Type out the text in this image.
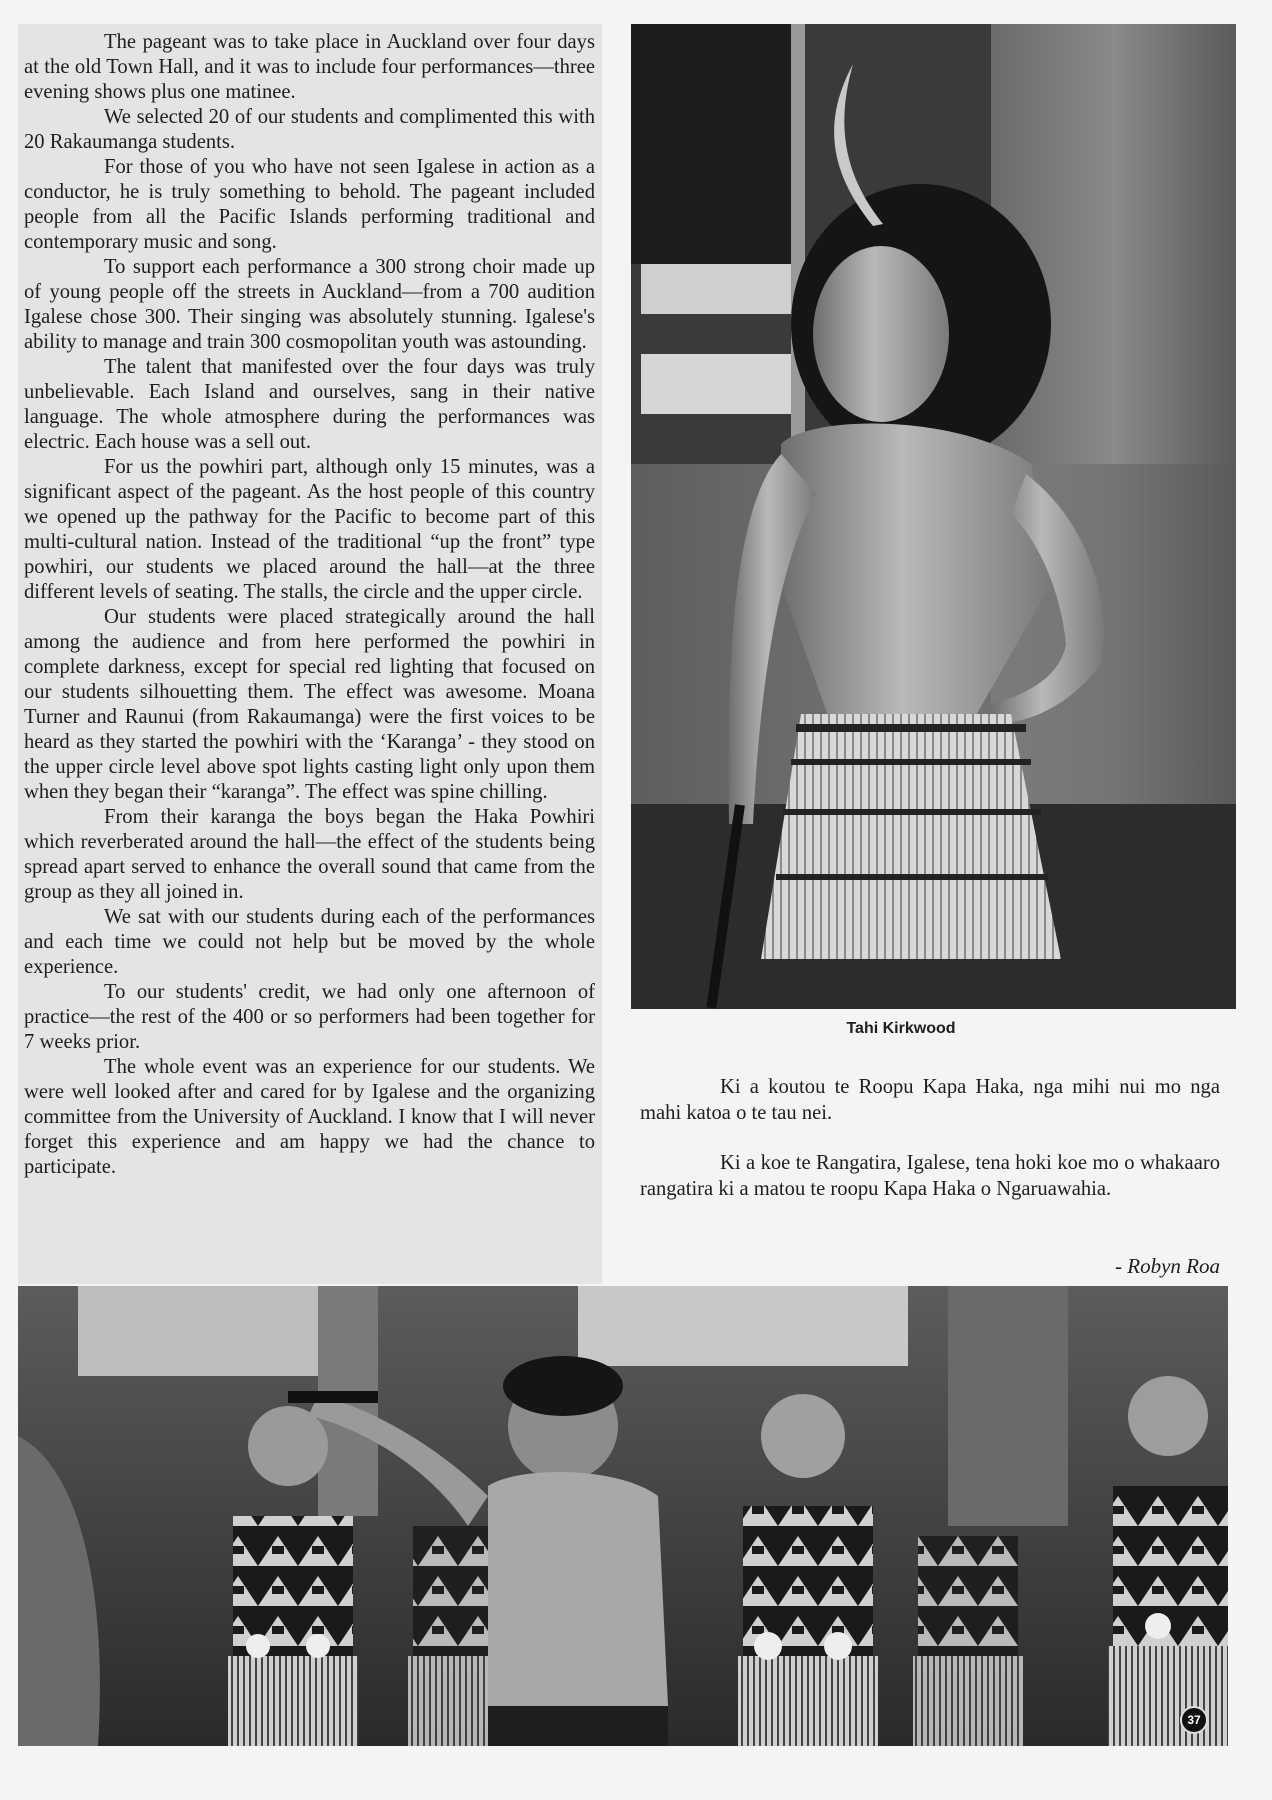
The pageant was to take place in Auckland over four days at the old Town Hall, and it was to include four performances—three evening shows plus one matinee.

We selected 20 of our students and complimented this with 20 Rakaumanga students.

For those of you who have not seen Igalese in action as a conductor, he is truly something to behold. The pageant included people from all the Pacific Islands performing traditional and contemporary music and song.

To support each performance a 300 strong choir made up of young people off the streets in Auckland—from a 700 audition Igalese chose 300. Their singing was absolutely stunning. Igalese's ability to manage and train 300 cosmopolitan youth was astounding.

The talent that manifested over the four days was truly unbelievable. Each Island and ourselves, sang in their native language. The whole atmosphere during the performances was electric. Each house was a sell out.

For us the powhiri part, although only 15 minutes, was a significant aspect of the pageant. As the host people of this country we opened up the pathway for the Pacific to become part of this multi-cultural nation. Instead of the traditional “up the front” type powhiri, our students we placed around the hall—at the three different levels of seating. The stalls, the circle and the upper circle.

Our students were placed strategically around the hall among the audience and from here performed the powhiri in complete darkness, except for special red lighting that focused on our students silhouetting them. The effect was awesome. Moana Turner and Raunui (from Rakaumanga) were the first voices to be heard as they started the powhiri with the ‘Karanga’ - they stood on the upper circle level above spot lights casting light only upon them when they began their “karanga”. The effect was spine chilling.

From their karanga the boys began the Haka Powhiri which reverberated around the hall—the effect of the students being spread apart served to enhance the overall sound that came from the group as they all joined in.

We sat with our students during each of the performances and each time we could not help but be moved by the whole experience.

To our students' credit, we had only one afternoon of practice—the rest of the 400 or so performers had been together for 7 weeks prior.

The whole event was an experience for our students. We were well looked after and cared for by Igalese and the organizing committee from the University of Auckland. I know that I will never forget this experience and am happy we had the chance to participate.

Tahi Kirkwood

Ki a koutou te Roopu Kapa Haka, nga mihi nui mo nga mahi katoa o te tau nei.

Ki a koe te Rangatira, Igalese, tena hoki koe mo o whakaaro rangatira ki a matou te roopu Kapa Haka o Ngaruawahia.

- Robyn Roa
37
